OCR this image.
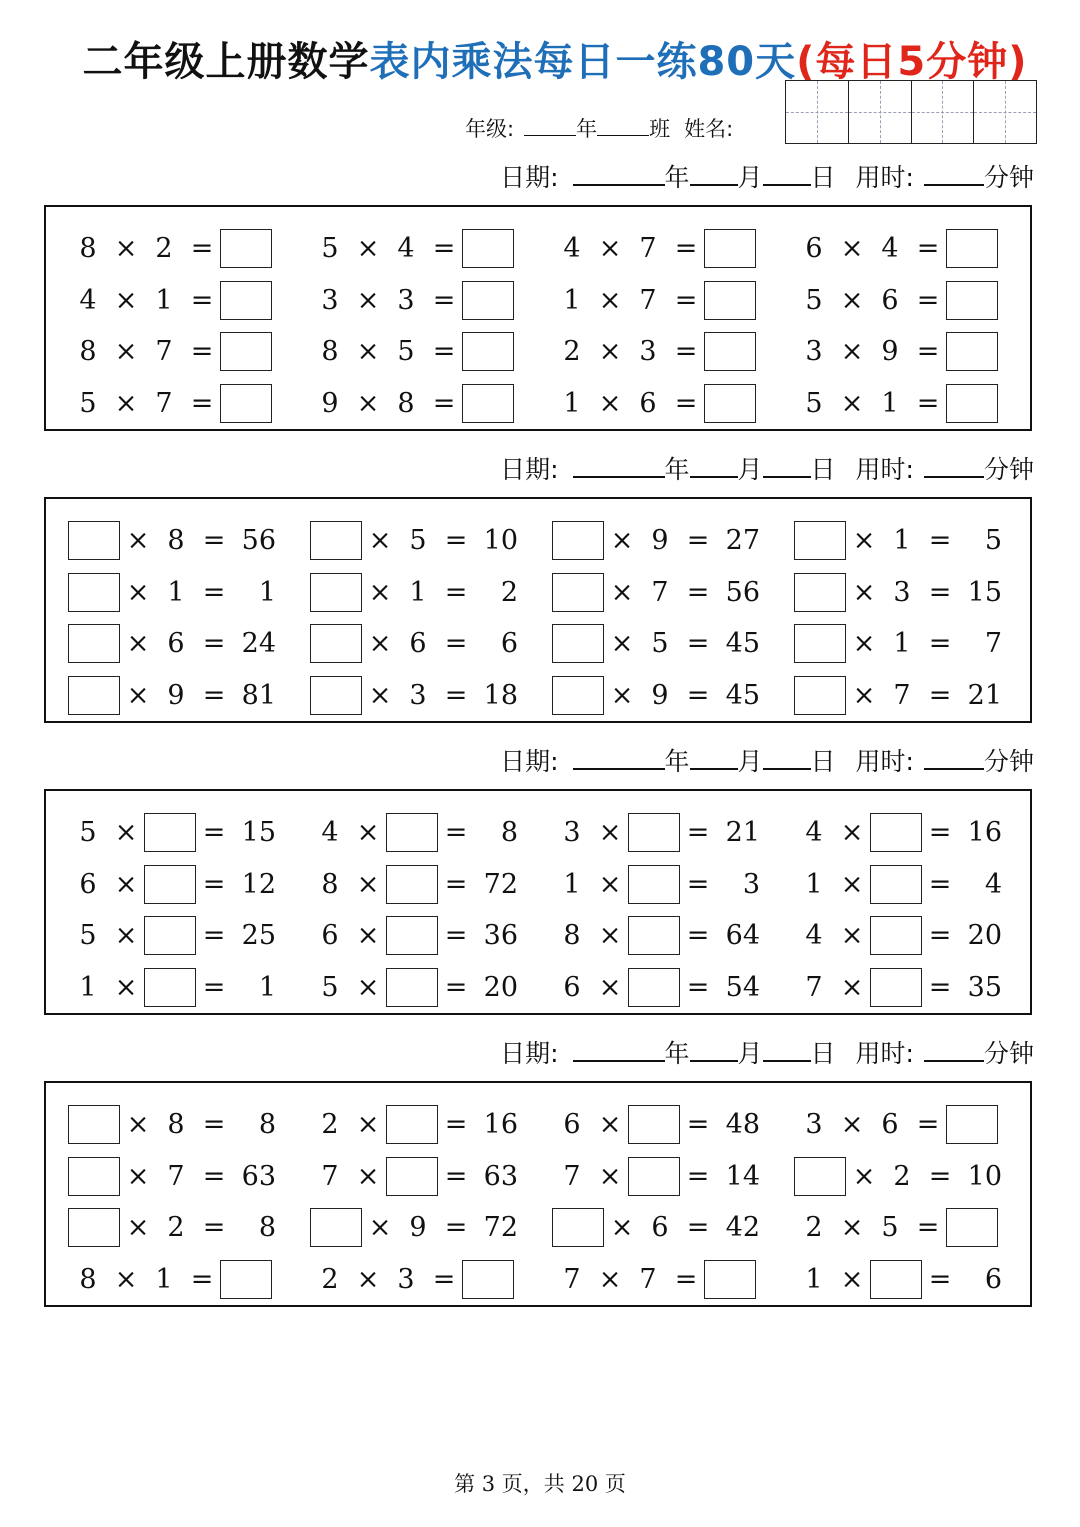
二年级上册数学表内乘法每日一练80天(每日5分钟)
年级:	年 班 姓名:
日期:	年 月 日 用时:	分钟
日期:	年 月 日 用时:	分钟
日期:	年 月 日 用时:	分钟
日期:	年 月 日 用时:	分钟
8 × 2 =	5 × 4 =	4 × 7 =	6 × 4 =
4 × 1 =	3 × 3 =	1 × 7 =	5 × 6 =
8 × 7 =	8 × 5 =	2 × 3 =	3 × 9 =
5 × 7 =	9 × 8 =	1 × 6 =	5 × 1 =
× 8 = 56	× 5 = 10	× 9 = 27	× 1 =	5
× 1 =	1	× 1 =	2	× 7 = 56	× 3 = 15
× 6 = 24	× 6 =	6	× 5 = 45	× 1 =	7
× 9 = 81	× 3 = 18	× 9 = 45	× 7 = 21
5 × = 15	4 × =	8	3 × = 21	4 × = 16
6 × = 12	8 × = 72	1 × =	3	1 × =	4
5 × = 25	6 × = 36	8 × = 64	4 × = 20
1 × =	1	5 × = 20	6 × = 54	7 × = 35
× 8 =	8	2 × = 16	6 × = 48	3 × 6 =
× 7 = 63	7 × = 63	7 × = 14	× 2 = 10
× 2 =	8	× 9 = 72	× 6 = 42	2 × 5 =
8 × 1 =	2 × 3 =	7 × 7 =	1 × =	6
第 3 页，共 20 页
